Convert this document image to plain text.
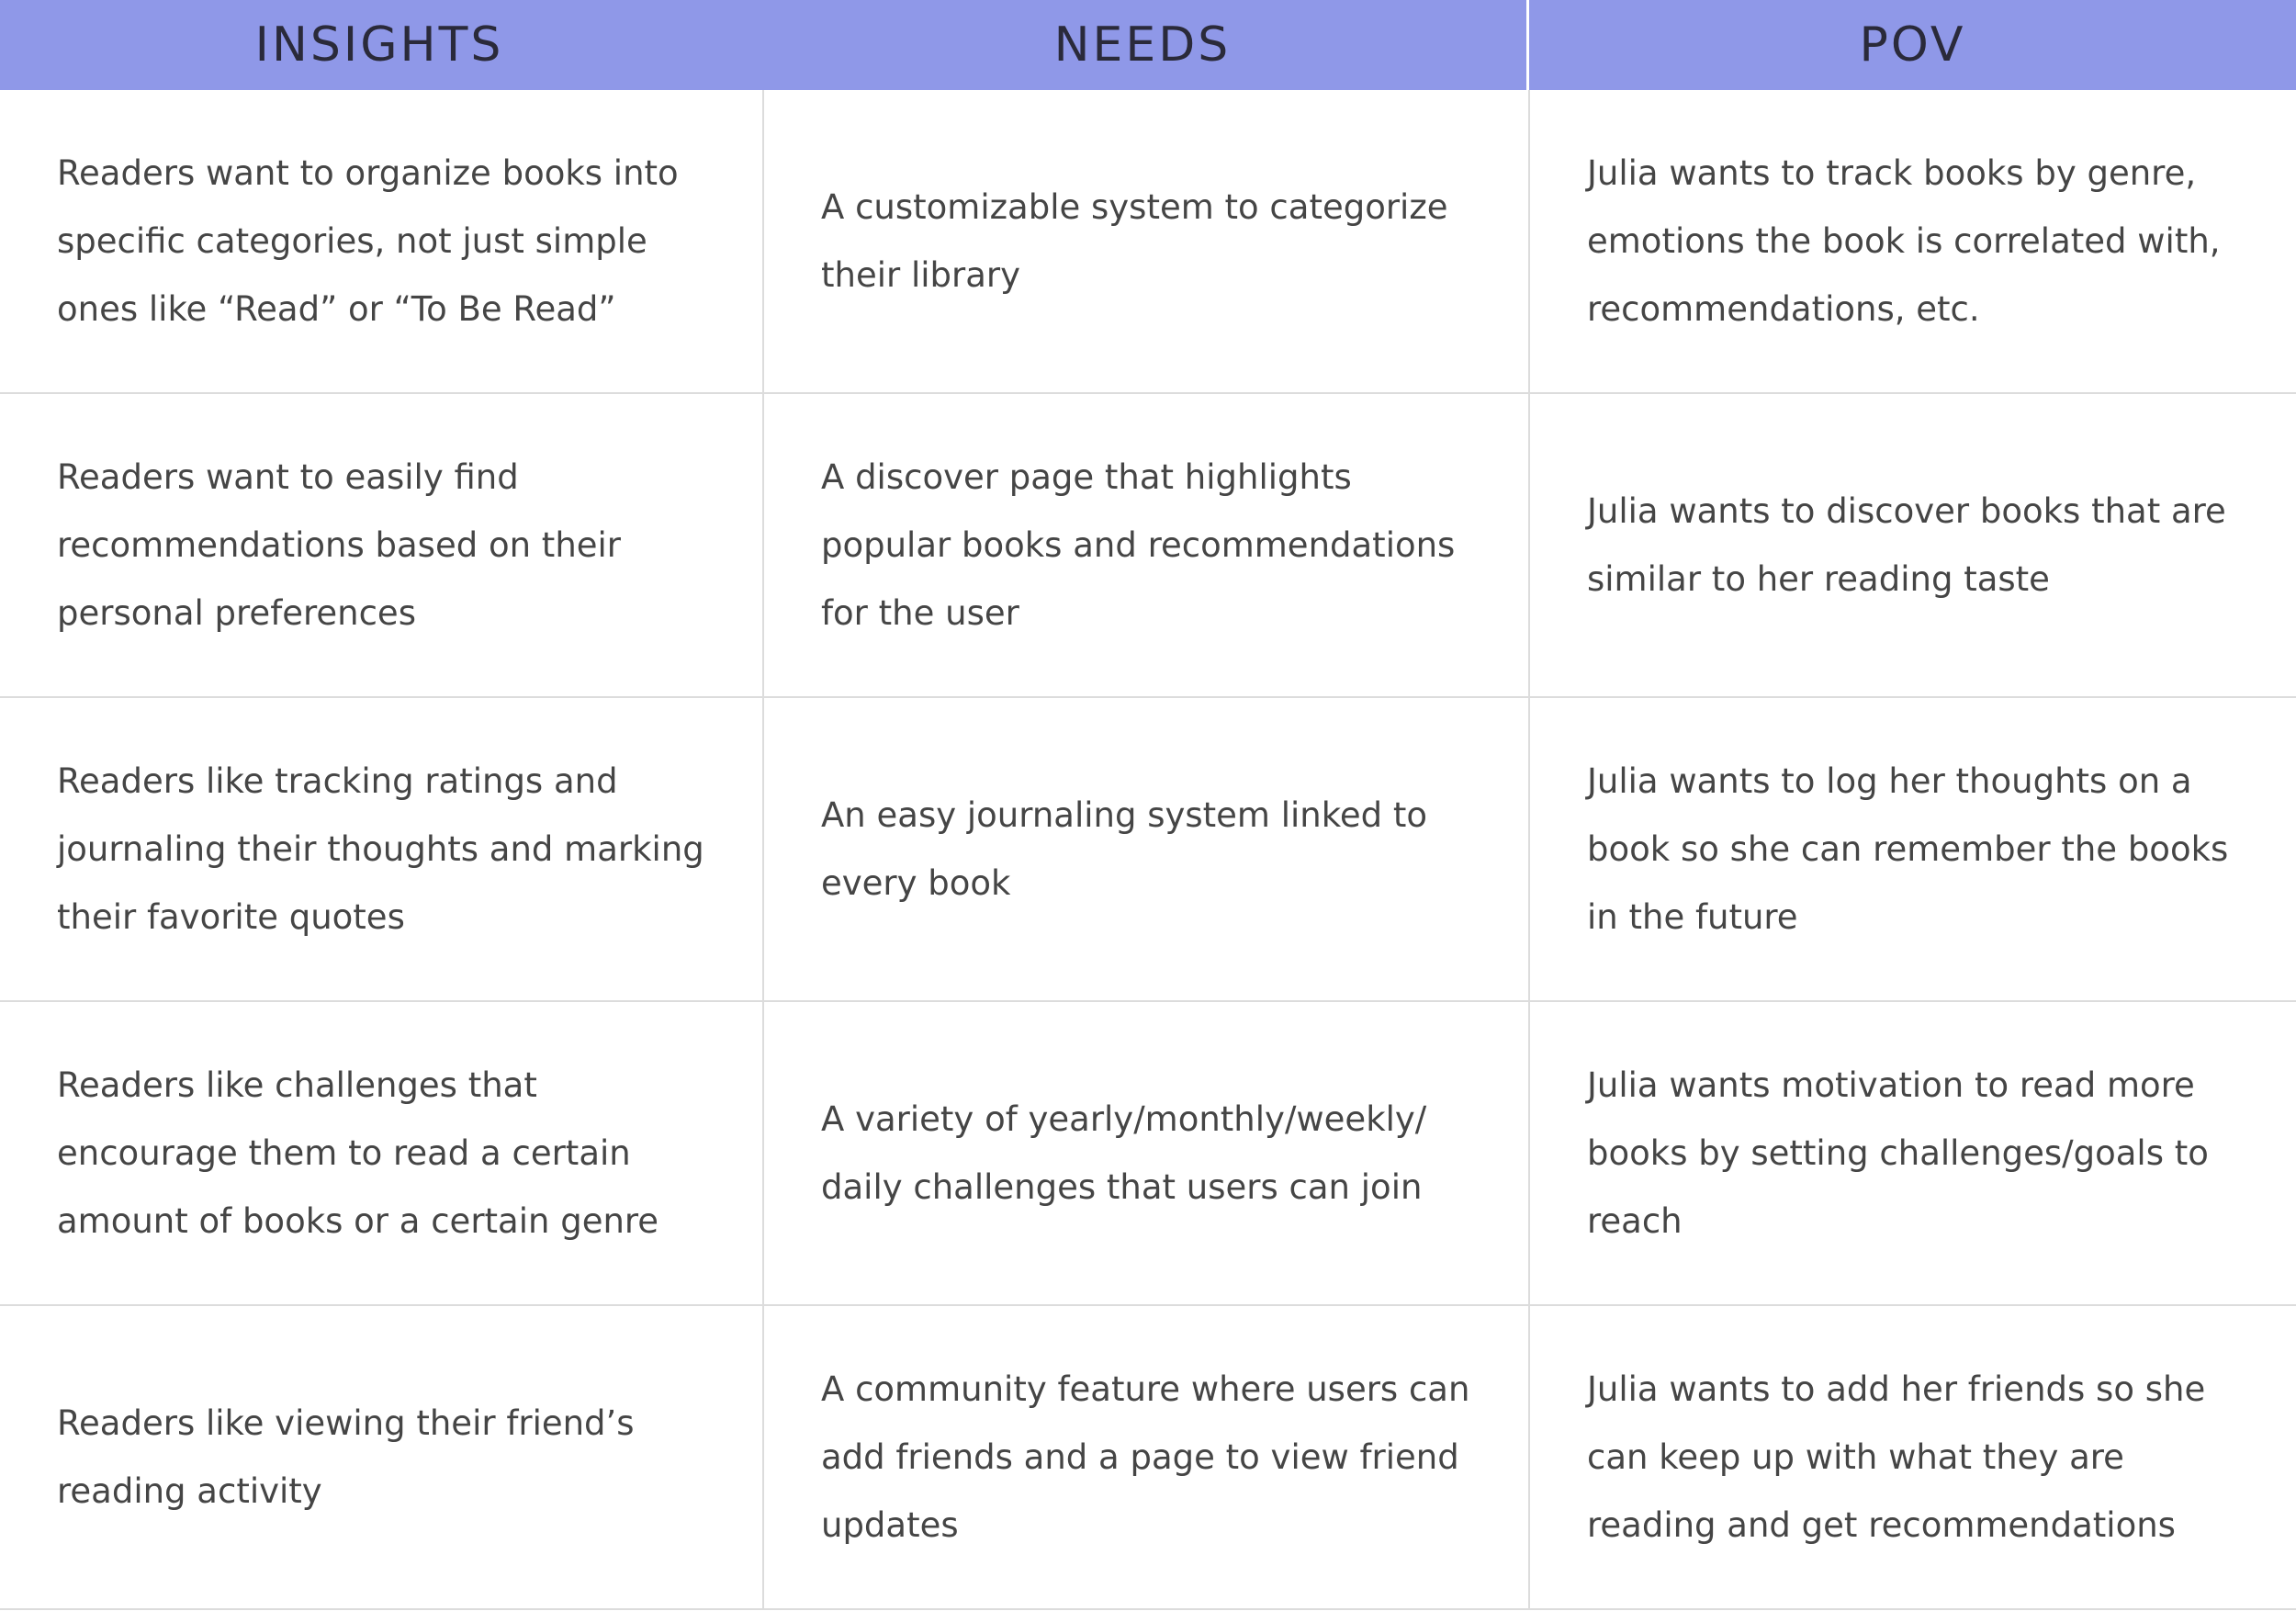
INSIGHTS	NEEDS	POV
Readers want to organize books into specific categories, not just simple ones like “Read” or “To Be Read”
A customizable system to categorize their library
Julia wants to track books by genre, emotions the book is correlated with, recommendations, etc.
Readers want to easily find recommendations based on their personal preferences
A discover page that highlights popular books and recommendations for the user
Julia wants to discover books that are similar to her reading taste
Readers like tracking ratings and journaling their thoughts and marking their favorite quotes
An easy journaling system linked to every book
Julia wants to log her thoughts on a book so she can remember the books in the future
Readers like challenges that encourage them to read a certain amount of books or a certain genre
A variety of yearly/monthly/weekly/ daily challenges that users can join
Julia wants motivation to read more books by setting challenges/goals to reach
Readers like viewing their friend’s reading activity
A community feature where users can add friends and a page to view friend updates
Julia wants to add her friends so she can keep up with what they are reading and get recommendations
